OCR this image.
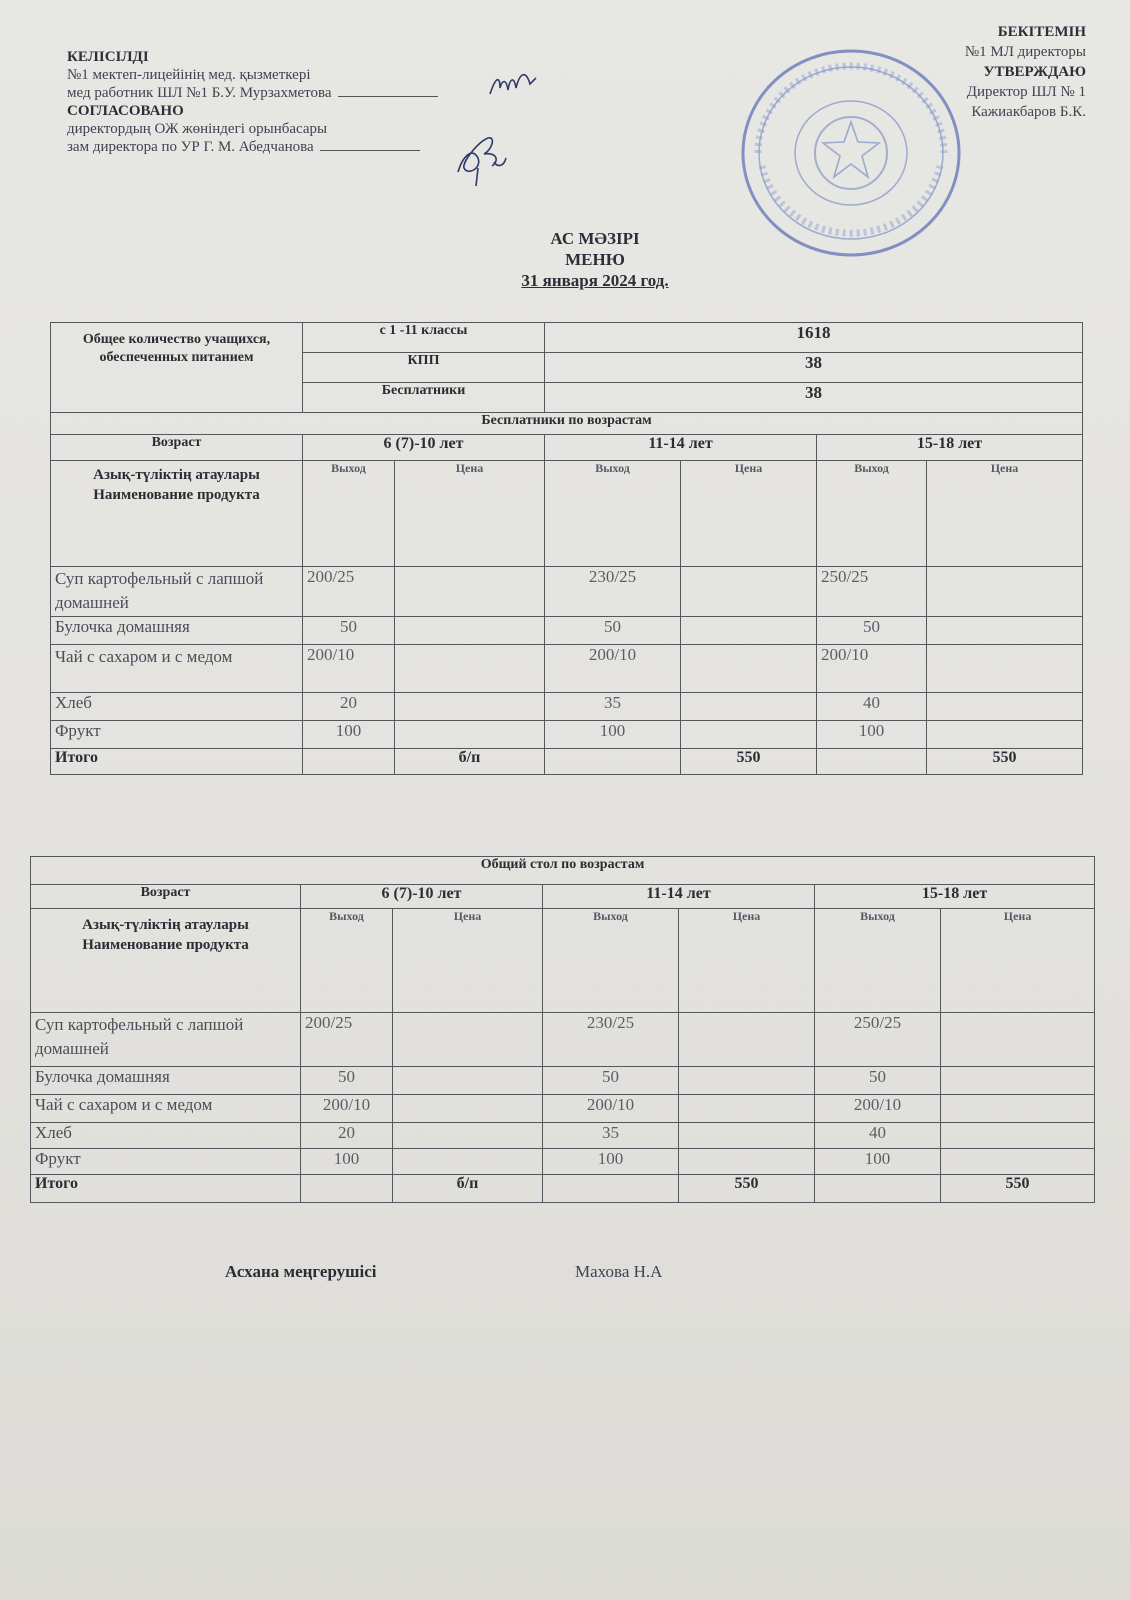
КЕЛІСІЛДІ
№1 мектеп-лицейінің мед. қызметкері
мед работник ШЛ №1 Б.У. Мурзахметова
СОГЛАСОВАНО
директордың ОЖ жөніндегі орынбасары
зам директора по УР Г. М. Абедчанова
БЕКІТЕМІН
№1 МЛ директоры
УТВЕРЖДАЮ
Директор ШЛ № 1
Кажиакбаров Б.К.
АС МӘЗІРІ
МЕНЮ
31 января 2024 год.
Общее количество учащихся, обеспеченных питанием	с 1 -11 классы		1618			
	КПП		38			
	Бесплатники		38			
Бесплатники по возрастам						
Возраст	6 (7)-10 лет		11-14 лет		15-18 лет	
Азық-түліктің атаулары Наименование продукта	Выход	Цена	Выход	Цена	Выход	Цена
Суп картофельный с лапшой домашней	200/25		230/25		250/25	
Булочка домашняя	50		50		50	
Чай с сахаром и с медом	200/10		200/10		200/10	
Хлеб	20		35		40	
Фрукт	100		100		100	
Итого		б/п		550		550
Общий стол по возрастам						
Возраст	6 (7)-10 лет		11-14 лет		15-18 лет	
Азық-түліктің атаулары Наименование продукта	Выход	Цена	Выход	Цена	Выход	Цена
Суп картофельный с лапшой домашней	200/25		230/25		250/25	
Булочка домашняя	50		50		50	
Чай с сахаром и с медом	200/10		200/10		200/10	
Хлеб	20		35		40	
Фрукт	100		100		100	
Итого		б/п		550		550
Асхана меңгерушісі	Махова Н.А
